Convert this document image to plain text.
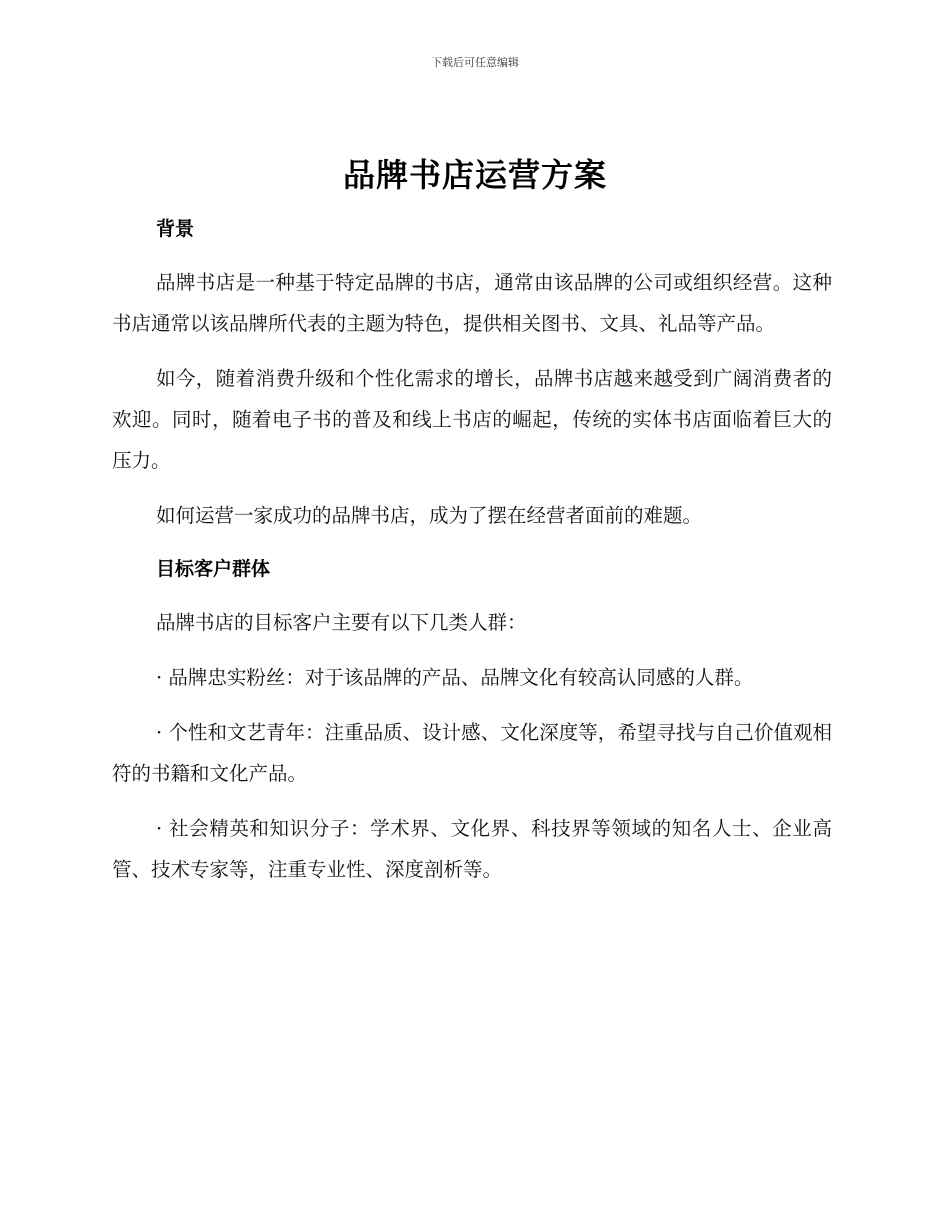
下载后可任意编辑
品牌书店运营方案
背景

品牌书店是一种基于特定品牌的书店，通常由该品牌的公司或组织经营。这种书店通常以该品牌所代表的主题为特色，提供相关图书、文具、礼品等产品。

如今，随着消费升级和个性化需求的增长，品牌书店越来越受到广阔消费者的欢迎。同时，随着电子书的普及和线上书店的崛起，传统的实体书店面临着巨大的压力。

如何运营一家成功的品牌书店，成为了摆在经营者面前的难题。

目标客户群体

品牌书店的目标客户主要有以下几类人群：

· 品牌忠实粉丝：对于该品牌的产品、品牌文化有较高认同感的人群。

· 个性和文艺青年：注重品质、设计感、文化深度等，希望寻找与自己价值观相符的书籍和文化产品。

· 社会精英和知识分子：学术界、文化界、科技界等领域的知名人士、企业高管、技术专家等，注重专业性、深度剖析等。
